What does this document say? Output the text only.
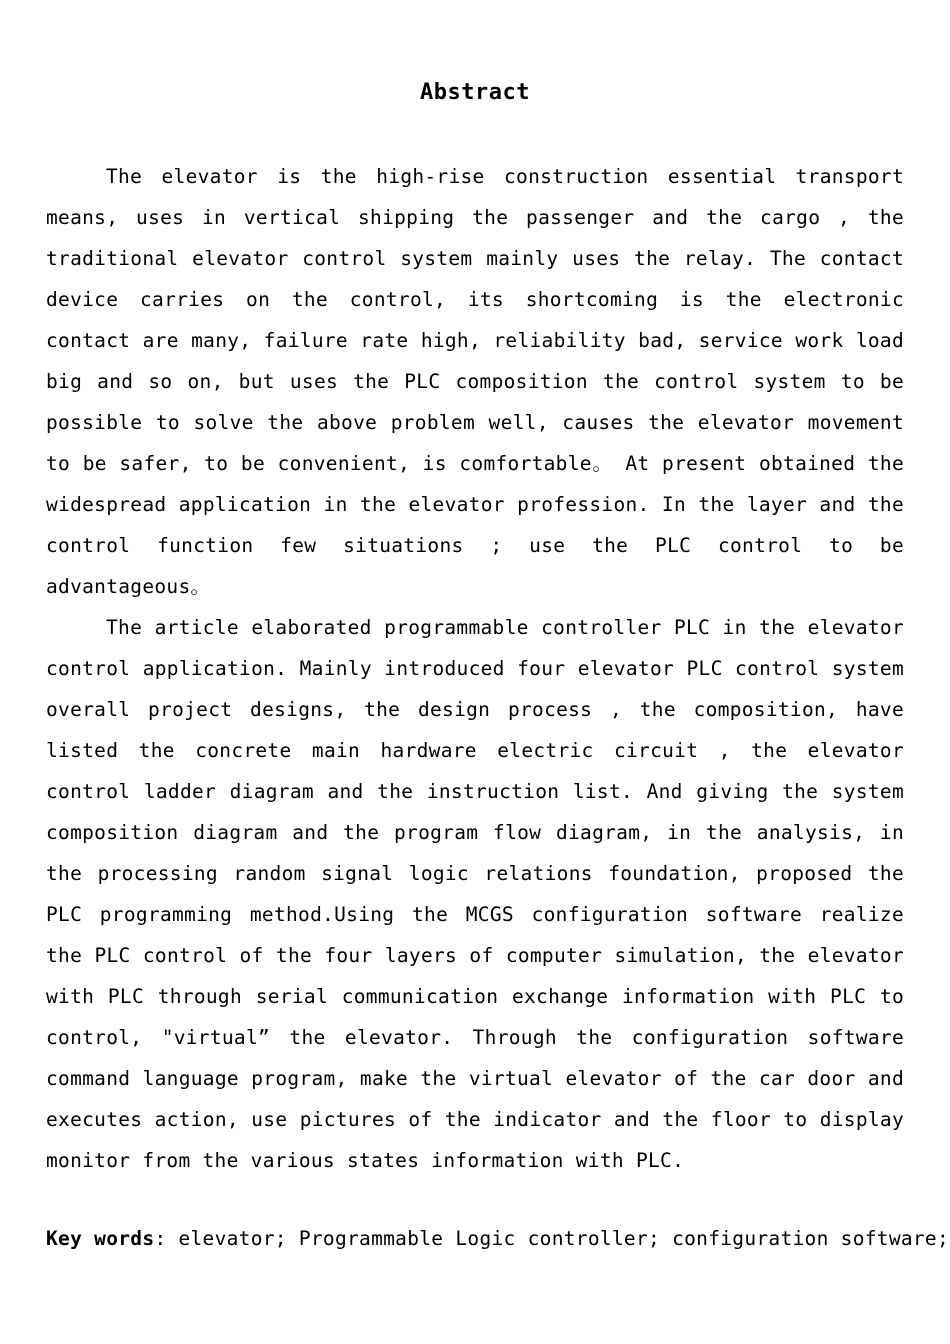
Abstract

The elevator is the high-rise construction essential transport means, uses in vertical shipping the passenger and the cargo , the traditional elevator control system mainly uses the relay. The contact device carries on the control, its shortcoming is the electronic contact are many, failure rate high, reliability bad, service work load big and so on, but uses the PLC composition the control system to be possible to solve the above problem well, causes the elevator movement to be safer, to be convenient, is comfortable。 At present obtained the widespread application in the elevator profession. In the layer and the control function few situations ; use the PLC control to be advantageous。

The article elaborated programmable controller PLC in the elevator control application. Mainly introduced four elevator PLC control system overall project designs, the design process , the composition, have listed the concrete main hardware electric circuit , the elevator control ladder diagram and the instruction list. And giving the system composition diagram and the program flow diagram, in the analysis, in the processing random signal logic relations foundation, proposed the PLC programming method.Using the MCGS configuration software realize the PLC control of the four layers of computer simulation, the elevator with PLC through serial communication exchange information with PLC to control, "virtual” the elevator. Through the configuration software command language program, make the virtual elevator of the car door and executes action, use pictures of the indicator and the floor to display monitor from the various states information with PLC.

Key words: elevator; Programmable Logic controller; configuration software;
